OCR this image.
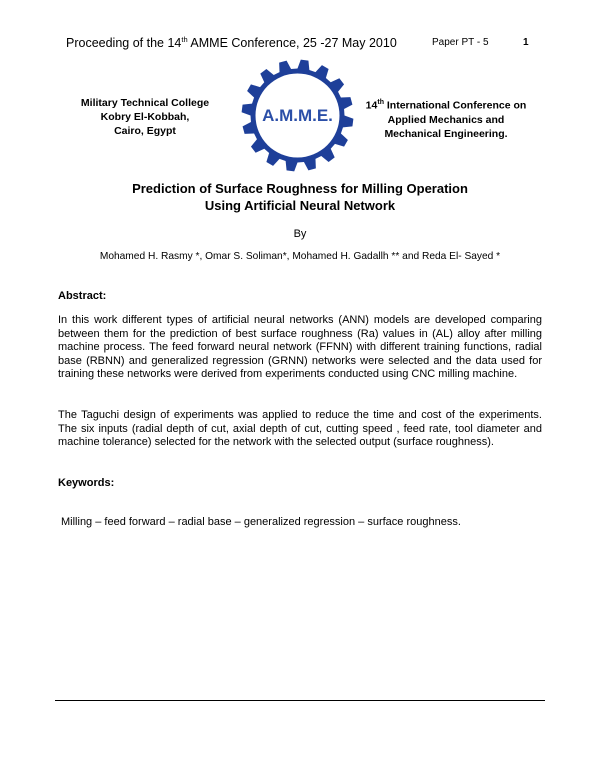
Proceeding of the 14th AMME Conference, 25 -27 May 2010	Paper PT - 5	1
Military Technical College
Kobry El-Kobbah,
Cairo, Egypt
A.M.M.E.
14th International Conference on
Applied Mechanics and
Mechanical Engineering.
Prediction of Surface Roughness for Milling Operation
Using Artificial Neural Network
By
Mohamed H. Rasmy *, Omar S. Soliman*, Mohamed H. Gadallh ** and Reda El- Sayed *
Abstract:
In this work different types of artificial neural networks (ANN) models are developed comparing between them for the prediction of best surface roughness (Ra) values in (AL) alloy after milling machine process. The feed forward neural network (FFNN) with different training functions, radial base (RBNN) and generalized regression (GRNN) networks were selected and the data used for training these networks were derived from experiments conducted using CNC milling machine.
The Taguchi design of experiments was applied to reduce the time and cost of the experiments. The six inputs (radial depth of cut, axial depth of cut, cutting speed , feed rate, tool diameter and machine tolerance) selected for the network with the selected output (surface roughness).
Keywords:
Milling – feed forward – radial base – generalized regression – surface roughness.
